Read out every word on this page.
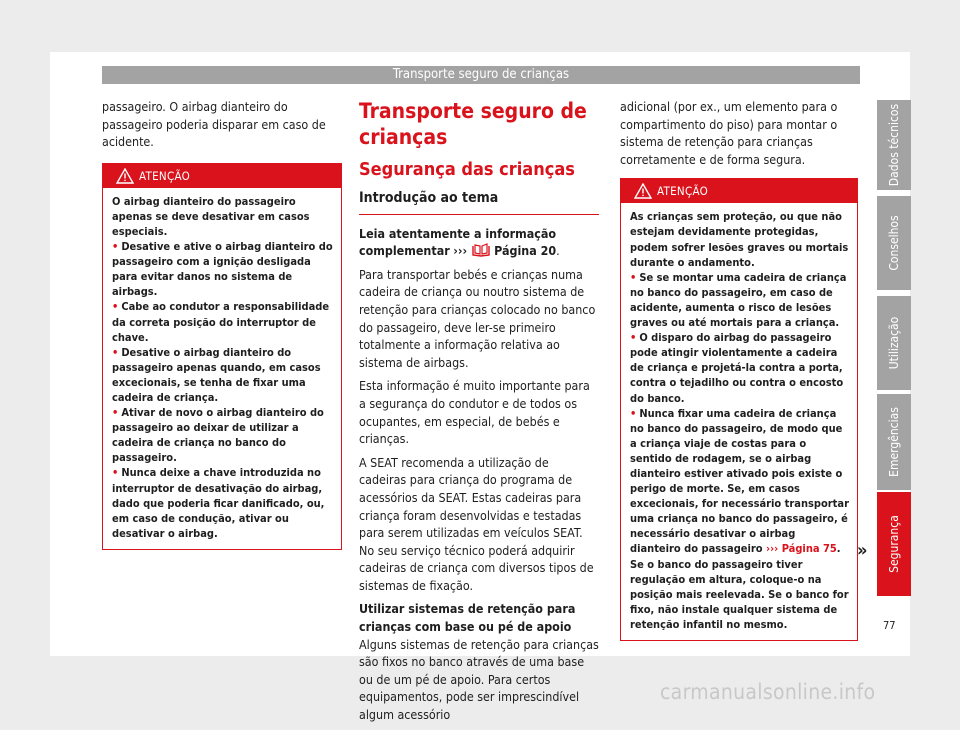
Transporte seguro de crianças

passageiro. O airbag dianteiro do passageiro poderia disparar em caso de acidente.

ATENÇÃO

O airbag dianteiro do passageiro apenas se deve desativar em casos especiais.

• Desative e ative o airbag dianteiro do passageiro com a ignição desligada para evitar danos no sistema de airbags.

• Cabe ao condutor a responsabilidade da correta posição do interruptor de chave.

• Desative o airbag dianteiro do passageiro apenas quando, em casos excecionais, se tenha de fixar uma cadeira de criança.

• Ativar de novo o airbag dianteiro do passageiro ao deixar de utilizar a cadeira de criança no banco do passageiro.

• Nunca deixe a chave introduzida no interruptor de desativação do airbag, dado que poderia ficar danificado, ou, em caso de condução, ativar ou desativar o airbag.

Transporte seguro de crianças
Segurança das crianças
Introdução ao tema

Leia atentamente a informação complementar ››› Página 20.

Para transportar bebés e crianças numa cadeira de criança ou noutro sistema de retenção para crianças colocado no banco do passageiro, deve ler-se primeiro totalmente a informação relativa ao sistema de airbags.

Esta informação é muito importante para a segurança do condutor e de todos os ocupantes, em especial, de bebés e crianças.

A SEAT recomenda a utilização de cadeiras para criança do programa de acessórios da SEAT. Estas cadeiras para criança foram desenvolvidas e testadas para serem utilizadas em veículos SEAT. No seu serviço técnico poderá adquirir cadeiras de criança com diversos tipos de sistemas de fixação.

Utilizar sistemas de retenção para crianças com base ou pé de apoio

Alguns sistemas de retenção para crianças são fixos no banco através de uma base ou de um pé de apoio. Para certos equipamentos, pode ser imprescindível algum acessório

adicional (por ex., um elemento para o compartimento do piso) para montar o sistema de retenção para crianças corretamente e de forma segura.

ATENÇÃO

As crianças sem proteção, ou que não estejam devidamente protegidas, podem sofrer lesões graves ou mortais durante o andamento.

• Se se montar uma cadeira de criança no banco do passageiro, em caso de acidente, aumenta o risco de lesões graves ou até mortais para a criança.

• O disparo do airbag do passageiro pode atingir violentamente a cadeira de criança e projetá-la contra a porta, contra o tejadilho ou contra o encosto do banco.

• Nunca fixar uma cadeira de criança no banco do passageiro, de modo que a criança viaje de costas para o sentido de rodagem, se o airbag dianteiro estiver ativado pois existe o perigo de morte. Se, em casos excecionais, for necessário transportar uma criança no banco do passageiro, é necessário desativar o airbag dianteiro do passageiro ››› Página 75. Se o banco do passageiro tiver regulação em altura, coloque-o na posição mais reelevada. Se o banco for fixo, não instale qualquer sistema de retenção infantil no mesmo.

»
Dados técnicos
Conselhos
Utilização
Emergências
Segurança
77
carmanualsonline.info
